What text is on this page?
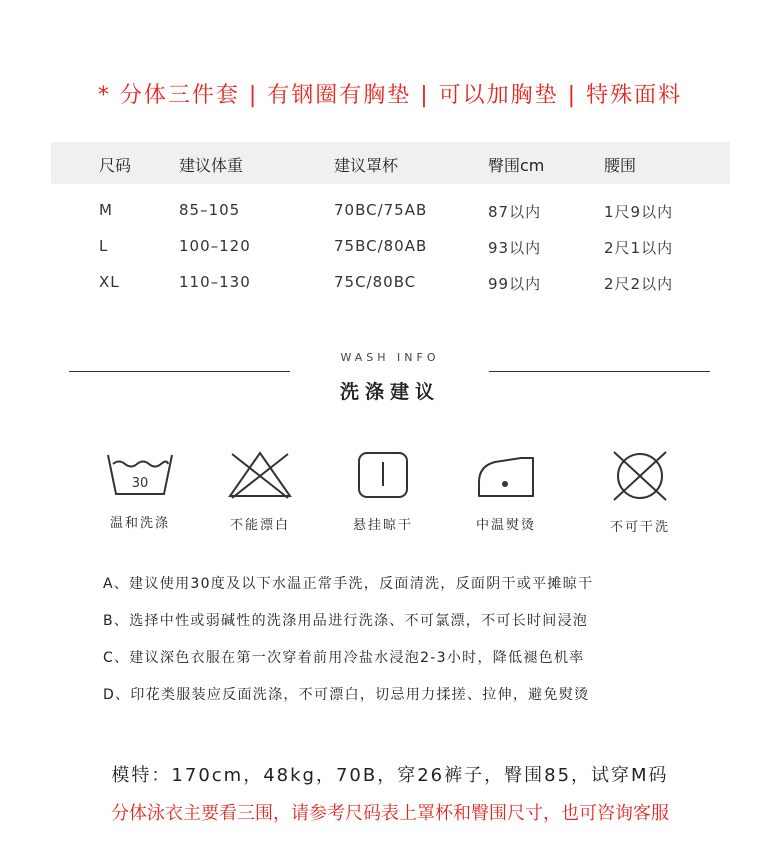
* 分体三件套 | 有钢圈有胸垫 | 可以加胸垫 | 特殊面料
尺码	建议体重	建议罩杯	臀围cm	腰围
M	85–105	70BC/75AB	87以内	1尺9以内
L	100–120	75BC/80AB	93以内	2尺1以内
XL	110–130	75C/80BC	99以内	2尺2以内
WASH INFO
洗涤建议
30
温和洗涤	不能漂白	悬挂晾干	中温熨烫	不可干洗
A、建议使用30度及以下水温正常手洗，反面清洗，反面阴干或平摊晾干
B、选择中性或弱碱性的洗涤用品进行洗涤、不可氯漂，不可长时间浸泡
C、建议深色衣服在第一次穿着前用冷盐水浸泡2-3小时，降低褪色机率
D、印花类服装应反面洗涤，不可漂白，切忌用力揉搓、拉伸，避免熨烫
模特：170cm，48kg，70B，穿26裤子，臀围85，试穿M码
分体泳衣主要看三围，请参考尺码表上罩杯和臀围尺寸，也可咨询客服
